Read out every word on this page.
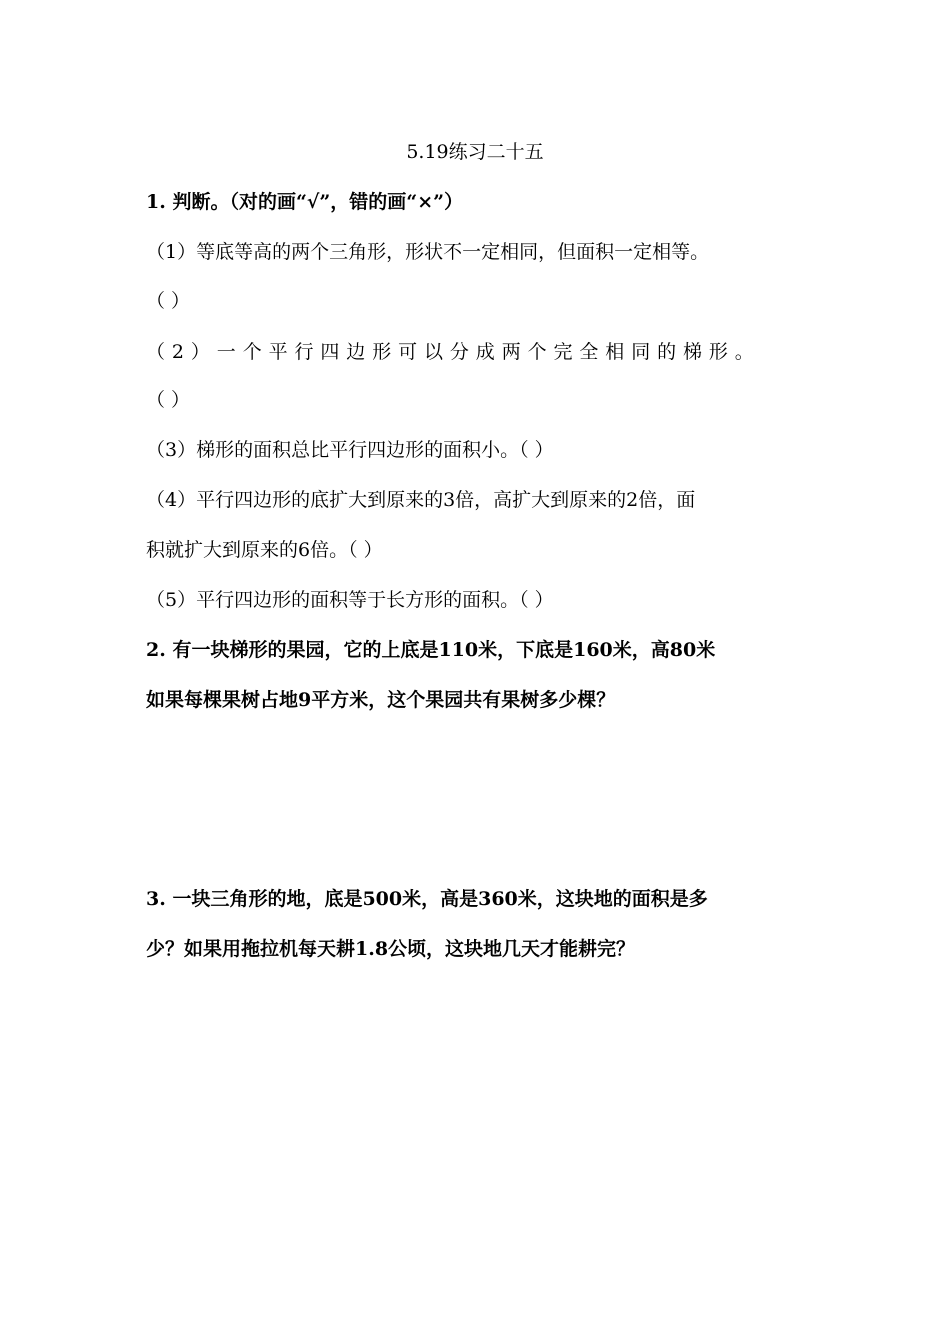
5.19练习二十五
1. 判断。（对的画“√”，错的画“×”）
（1）等底等高的两个三角形，形状不一定相同，但面积一定相等。
（ ）
（2）一个平行四边形可以分成两个完全相同的梯形。
（ ）
（3）梯形的面积总比平行四边形的面积小。（ ）
（4）平行四边形的底扩大到原来的3倍，高扩大到原来的2倍，面
积就扩大到原来的6倍。（ ）
（5）平行四边形的面积等于长方形的面积。（ ）
2. 有一块梯形的果园，它的上底是110米，下底是160米，高80米
如果每棵果树占地9平方米，这个果园共有果树多少棵？
3. 一块三角形的地，底是500米，高是360米，这块地的面积是多
少？如果用拖拉机每天耕1.8公顷，这块地几天才能耕完？
